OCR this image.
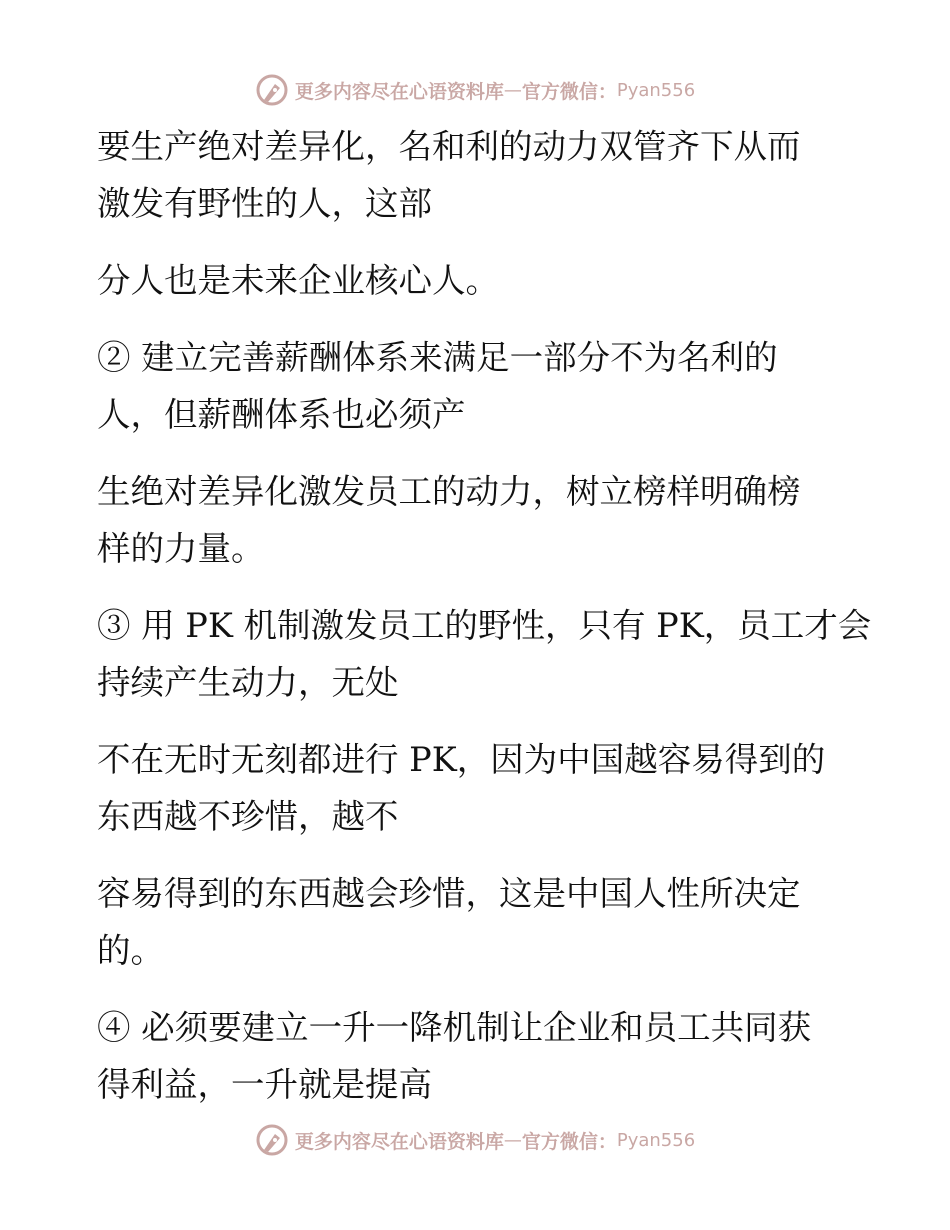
更多内容尽在心语资料库 — 官方微信： Pyan556

要生产绝对差异化，名和利的动力双管齐下从而
激发有野性的人，这部

分人也是未来企业核心人。

② 建立完善薪酬体系来满足一部分不为名利的
人，但薪酬体系也必须产

生绝对差异化激发员工的动力，树立榜样明确榜
样的力量。

③ 用 PK 机制激发员工的野性，只有 PK，员工才会
持续产生动力，无处

不在无时无刻都进行 PK，因为中国越容易得到的
东西越不珍惜，越不

容易得到的东西越会珍惜，这是中国人性所决定
的。

④ 必须要建立一升一降机制让企业和员工共同获
得利益，一升就是提高

更多内容尽在心语资料库 — 官方微信： Pyan556
